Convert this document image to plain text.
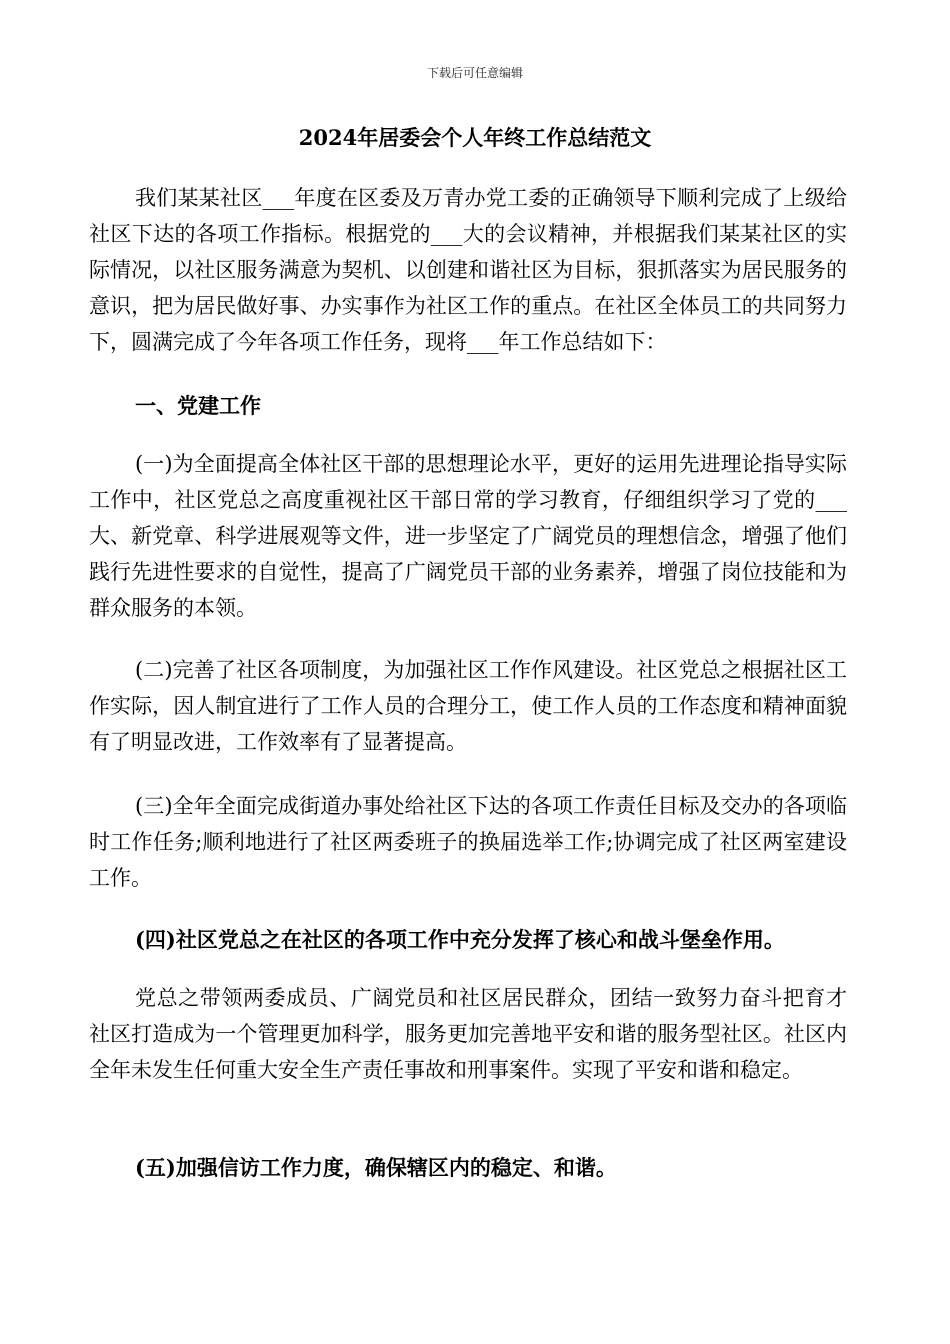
下载后可任意编辑
2024年居委会个人年终工作总结范文

我们某某社区___年度在区委及万青办党工委的正确领导下顺利完成了上级给社区下达的各项工作指标。根据党的___大的会议精神，并根据我们某某社区的实际情况，以社区服务满意为契机、以创建和谐社区为目标，狠抓落实为居民服务的意识，把为居民做好事、办实事作为社区工作的重点。在社区全体员工的共同努力下，圆满完成了今年各项工作任务，现将___年工作总结如下：

一、党建工作

(一)为全面提高全体社区干部的思想理论水平，更好的运用先进理论指导实际工作中，社区党总之高度重视社区干部日常的学习教育，仔细组织学习了党的___大、新党章、科学进展观等文件，进一步坚定了广阔党员的理想信念，增强了他们践行先进性要求的自觉性，提高了广阔党员干部的业务素养，增强了岗位技能和为群众服务的本领。

(二)完善了社区各项制度，为加强社区工作作风建设。社区党总之根据社区工作实际，因人制宜进行了工作人员的合理分工，使工作人员的工作态度和精神面貌有了明显改进，工作效率有了显著提高。

(三)全年全面完成街道办事处给社区下达的各项工作责任目标及交办的各项临时工作任务;顺利地进行了社区两委班子的换届选举工作;协调完成了社区两室建设工作。

(四)社区党总之在社区的各项工作中充分发挥了核心和战斗堡垒作用。

党总之带领两委成员、广阔党员和社区居民群众，团结一致努力奋斗把育才社区打造成为一个管理更加科学，服务更加完善地平安和谐的服务型社区。社区内全年未发生任何重大安全生产责任事故和刑事案件。实现了平安和谐和稳定。

(五)加强信访工作力度，确保辖区内的稳定、和谐。
